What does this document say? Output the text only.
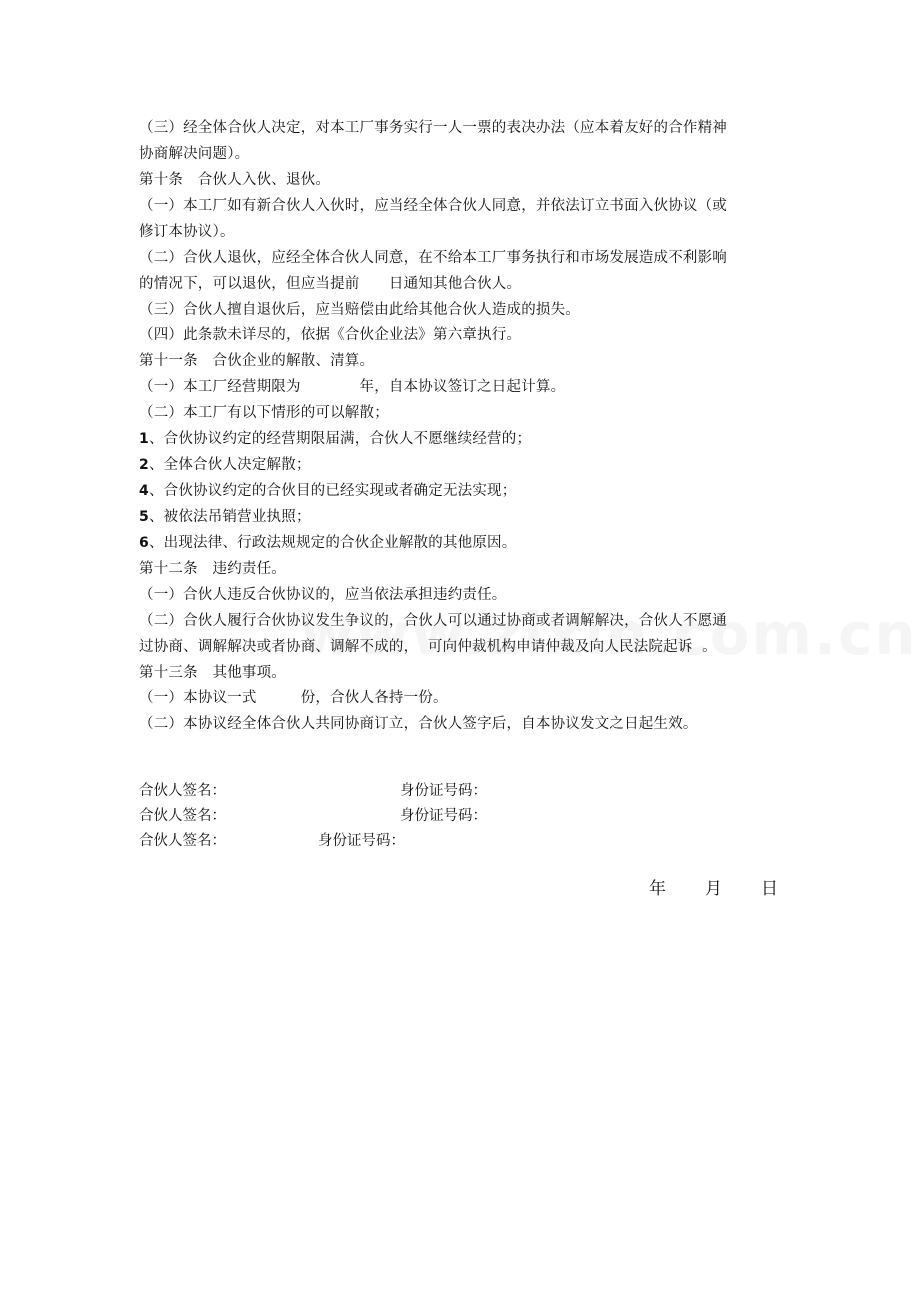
（三）经全体合伙人决定，对本工厂事务实行一人一票的表决办法（应本着友好的合作精神
协商解决问题）。
第十条　合伙人入伙、退伙。
（一）本工厂如有新合伙人入伙时，应当经全体合伙人同意，并依法订立书面入伙协议（或
修订本协议）。
（二）合伙人退伙，应经全体合伙人同意，在不给本工厂事务执行和市场发展造成不利影响
的情况下，可以退伙，但应当提前　　日通知其他合伙人。
（三）合伙人擅自退伙后，应当赔偿由此给其他合伙人造成的损失。
（四）此条款未详尽的，依据《合伙企业法》第六章执行。
第十一条　合伙企业的解散、清算。
（一）本工厂经营期限为　　　　年，自本协议签订之日起计算。
（二）本工厂有以下情形的可以解散；
1、合伙协议约定的经营期限届满，合伙人不愿继续经营的；
2、全体合伙人决定解散；
4、合伙协议约定的合伙目的已经实现或者确定无法实现；
5、被依法吊销营业执照；
6、出现法律、行政法规规定的合伙企业解散的其他原因。
第十二条　违约责任。
（一）合伙人违反合伙协议的，应当依法承担违约责任。
（二）合伙人履行合伙协议发生争议的，合伙人可以通过协商或者调解解决，合伙人不愿通
过协商、调解解决或者协商、调解不成的，  可向仲裁机构申请仲裁及向人民法院起诉  。
第十三条　其他事项。
（一）本协议一式　　　份，合伙人各持一份。
（二）本协议经全体合伙人共同协商订立，合伙人签字后，自本协议发文之日起生效。
合伙人签名：	身份证号码：
合伙人签名：	身份证号码：
合伙人签名：	身份证号码：
年 月 日
